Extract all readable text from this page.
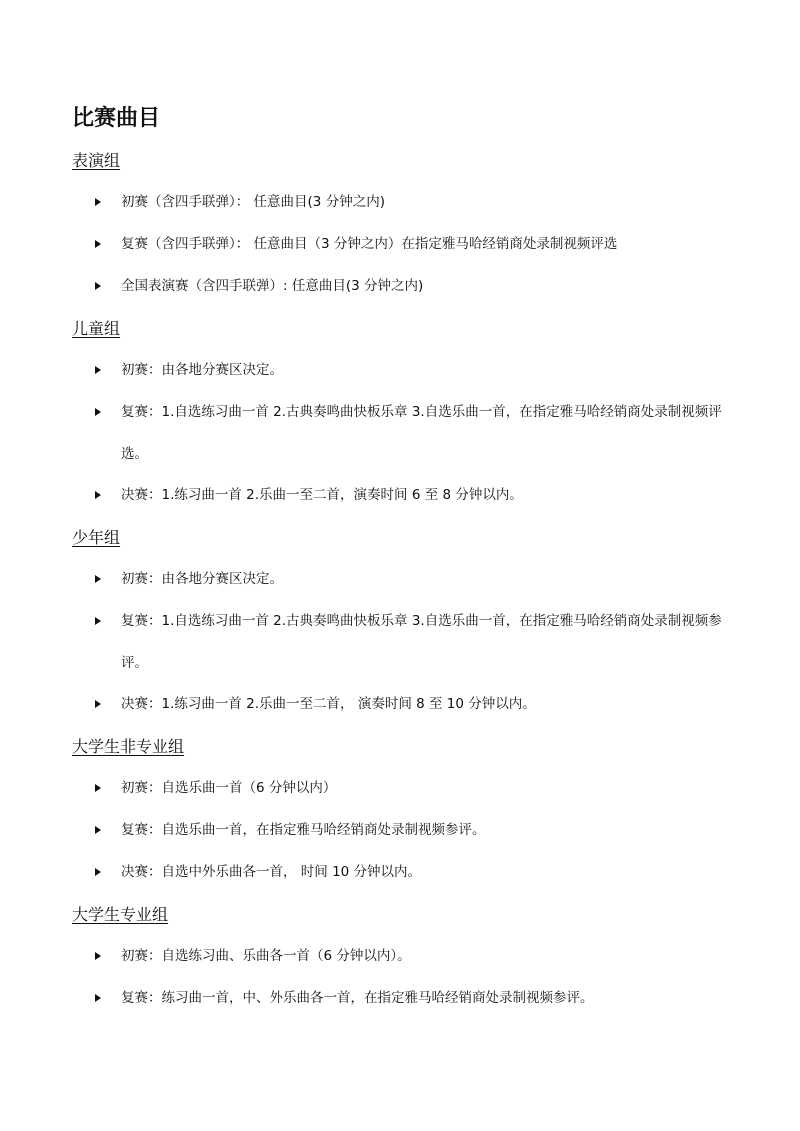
比赛曲目
表演组
初赛（含四手联弹）： 任意曲目(3 分钟之内)
复赛（含四手联弹）： 任意曲目（3 分钟之内）在指定雅马哈经销商处录制视频评选
全国表演赛（含四手联弹）: 任意曲目(3 分钟之内)
儿童组
初赛：由各地分赛区决定。
复赛：1.自选练习曲一首 2.古典奏鸣曲快板乐章 3.自选乐曲一首，在指定雅马哈经销商处录制视频评选。
决赛：1.练习曲一首 2.乐曲一至二首，演奏时间 6 至 8 分钟以内。
少年组
初赛：由各地分赛区决定。
复赛：1.自选练习曲一首 2.古典奏鸣曲快板乐章 3.自选乐曲一首，在指定雅马哈经销商处录制视频参评。
决赛：1.练习曲一首 2.乐曲一至二首， 演奏时间 8 至 10 分钟以内。
大学生非专业组
初赛：自选乐曲一首（6 分钟以内）
复赛：自选乐曲一首，在指定雅马哈经销商处录制视频参评。
决赛：自选中外乐曲各一首， 时间 10 分钟以内。
大学生专业组
初赛：自选练习曲、乐曲各一首（6 分钟以内）。
复赛：练习曲一首，中、外乐曲各一首，在指定雅马哈经销商处录制视频参评。
